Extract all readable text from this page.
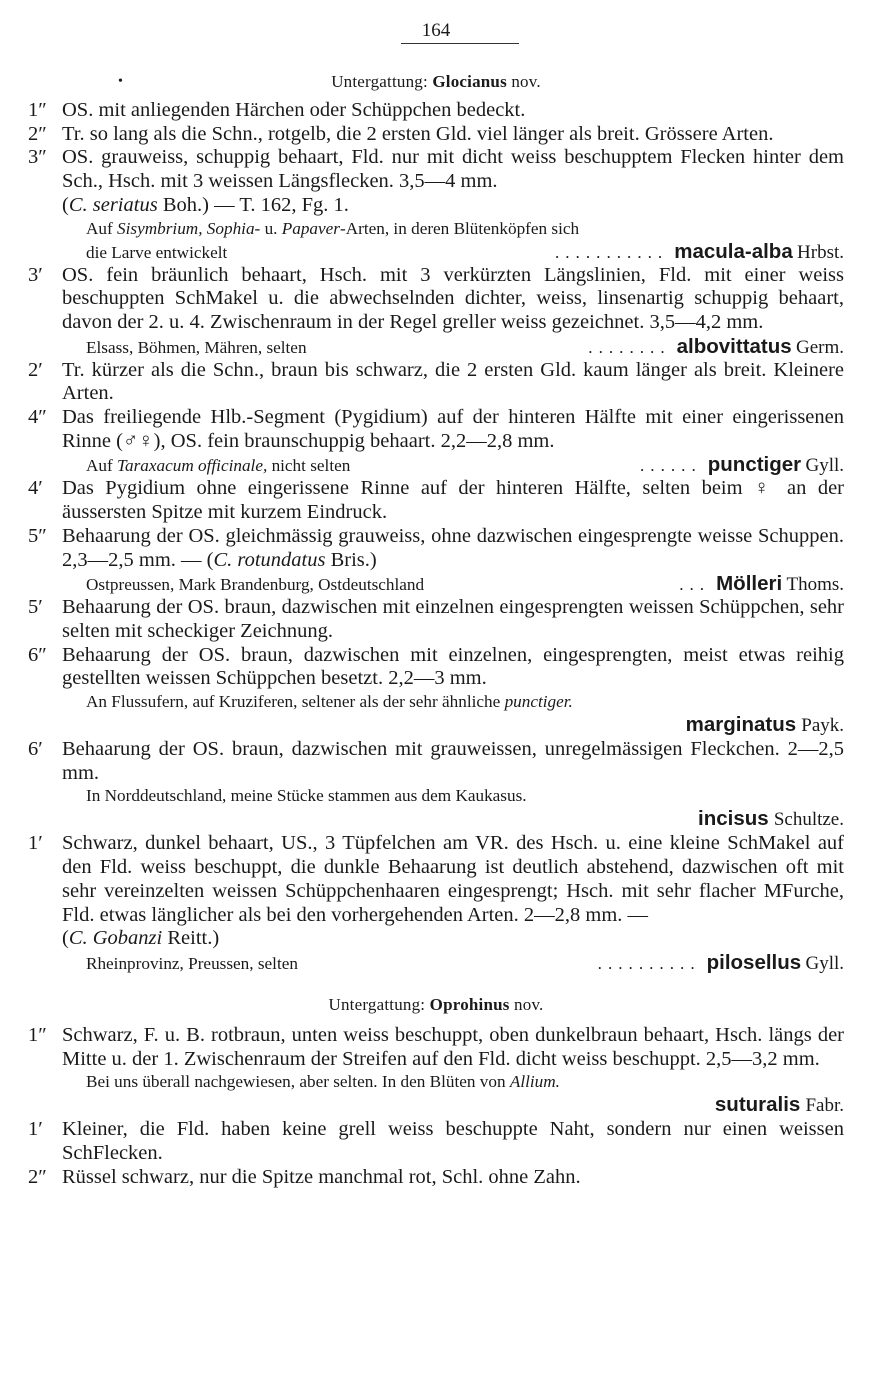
164
•	Untergattung: Glocianus nov.

1″ OS. mit anliegenden Härchen oder Schüppchen bedeckt.

2″ Tr. so lang als die Schn., rotgelb, die 2 ersten Gld. viel länger als breit. Grössere Arten.

3″ OS. grauweiss, schuppig behaart, Fld. nur mit dicht weiss beschupptem Flecken hinter dem Sch., Hsch. mit 3 weissen Längsflecken. 3,5—4 mm.
(C. seriatus Boh.) — T. 162, Fg. 1.

Auf Sisymbrium, Sophia- u. Papaver-Arten, in deren Blütenköpfen sich

die Larve entwickelt	........... macula-alba Hrbst.

3′ OS. fein bräunlich behaart, Hsch. mit 3 verkürzten Längslinien, Fld. mit einer weiss beschuppten SchMakel u. die abwechselnden dichter, weiss, linsenartig schuppig behaart, davon der 2. u. 4. Zwischenraum in der Regel greller weiss gezeichnet. 3,5—4,2 mm.

Elsass, Böhmen, Mähren, selten	........ albovittatus Germ.

2′ Tr. kürzer als die Schn., braun bis schwarz, die 2 ersten Gld. kaum länger als breit. Kleinere Arten.

4″ Das freiliegende Hlb.-Segment (Pygidium) auf der hinteren Hälfte mit einer eingerissenen Rinne (♂♀), OS. fein braunschuppig behaart. 2,2—2,8 mm.

Auf Taraxacum officinale, nicht selten	...... punctiger Gyll.

4′ Das Pygidium ohne eingerissene Rinne auf der hinteren Hälfte, selten beim ♀ an der äussersten Spitze mit kurzem Eindruck.

5″ Behaarung der OS. gleichmässig grauweiss, ohne dazwischen eingesprengte weisse Schuppen. 2,3—2,5 mm. — (C. rotundatus Bris.)

Ostpreussen, Mark Brandenburg, Ostdeutschland	... Mölleri Thoms.

5′ Behaarung der OS. braun, dazwischen mit einzelnen eingesprengten weissen Schüppchen, sehr selten mit scheckiger Zeichnung.

6″ Behaarung der OS. braun, dazwischen mit einzelnen, eingesprengten, meist etwas reihig gestellten weissen Schüppchen besetzt. 2,2—3 mm.

An Flussufern, auf Kruziferen, seltener als der sehr ähnliche punctiger.

marginatus Payk.

6′ Behaarung der OS. braun, dazwischen mit grauweissen, unregelmässigen Fleckchen. 2—2,5 mm.

In Norddeutschland, meine Stücke stammen aus dem Kaukasus.

incisus Schultze.

1′ Schwarz, dunkel behaart, US., 3 Tüpfelchen am VR. des Hsch. u. eine kleine SchMakel auf den Fld. weiss beschuppt, die dunkle Behaarung ist deutlich abstehend, dazwischen oft mit sehr vereinzelten weissen Schüppchenhaaren eingesprengt; Hsch. mit sehr flacher MFurche, Fld. etwas länglicher als bei den vorhergehenden Arten. 2—2,8 mm. —
(C. Gobanzi Reitt.)

Rheinprovinz, Preussen, selten	.......... pilosellus Gyll.
Untergattung: Oprohinus nov.

1″ Schwarz, F. u. B. rotbraun, unten weiss beschuppt, oben dunkelbraun behaart, Hsch. längs der Mitte u. der 1. Zwischenraum der Streifen auf den Fld. dicht weiss beschuppt. 2,5—3,2 mm.

Bei uns überall nachgewiesen, aber selten. In den Blüten von Allium.

suturalis Fabr.

1′ Kleiner, die Fld. haben keine grell weiss beschuppte Naht, sondern nur einen weissen SchFlecken.

2″ Rüssel schwarz, nur die Spitze manchmal rot, Schl. ohne Zahn.
